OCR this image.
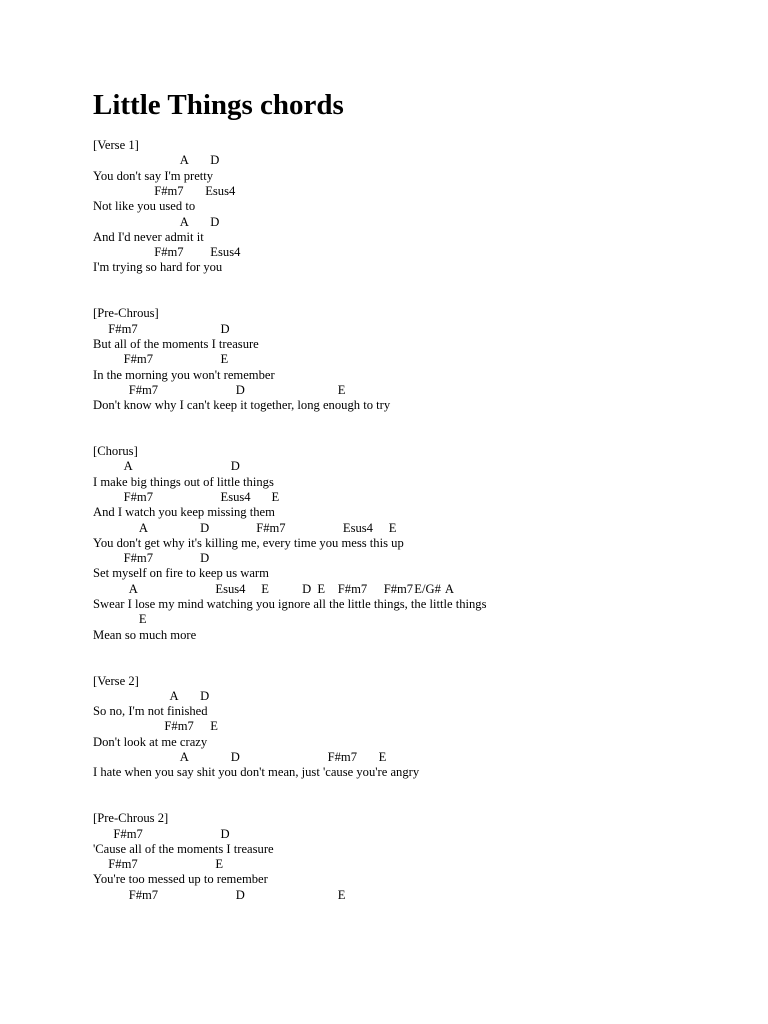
Little Things chords
[Verse 1]
A D
You don't say I'm pretty
F#m7 Esus4
Not like you used to
A D
And I'd never admit it
F#m7 Esus4
I'm trying so hard for you
[Pre-Chrous]
F#m7	D
But all of the moments I treasure
F#m7	E
In the morning you won't remember
F#m7	D	E
Don't know why I can't keep it together, long enough to try
[Chorus]
A	D
I make big things out of little things
F#m7	Esus4 E
And I watch you keep missing them
A	D	F#m7	Esus4 E
You don't get why it's killing me, every time you mess this up
F#m7	D
Set myself on fire to keep us warm
A	Esus4 E	D E F#m7 F#m7 E/G# A
Swear I lose my mind watching you ignore all the little things, the little things
E
Mean so much more
[Verse 2]
A D
So no, I'm not finished
F#m7 E
Don't look at me crazy
A	D	F#m7 E
I hate when you say shit you don't mean, just 'cause you're angry
[Pre-Chrous 2]
F#m7	D
'Cause all of the moments I treasure
F#m7	E
You're too messed up to remember
F#m7	D	E
